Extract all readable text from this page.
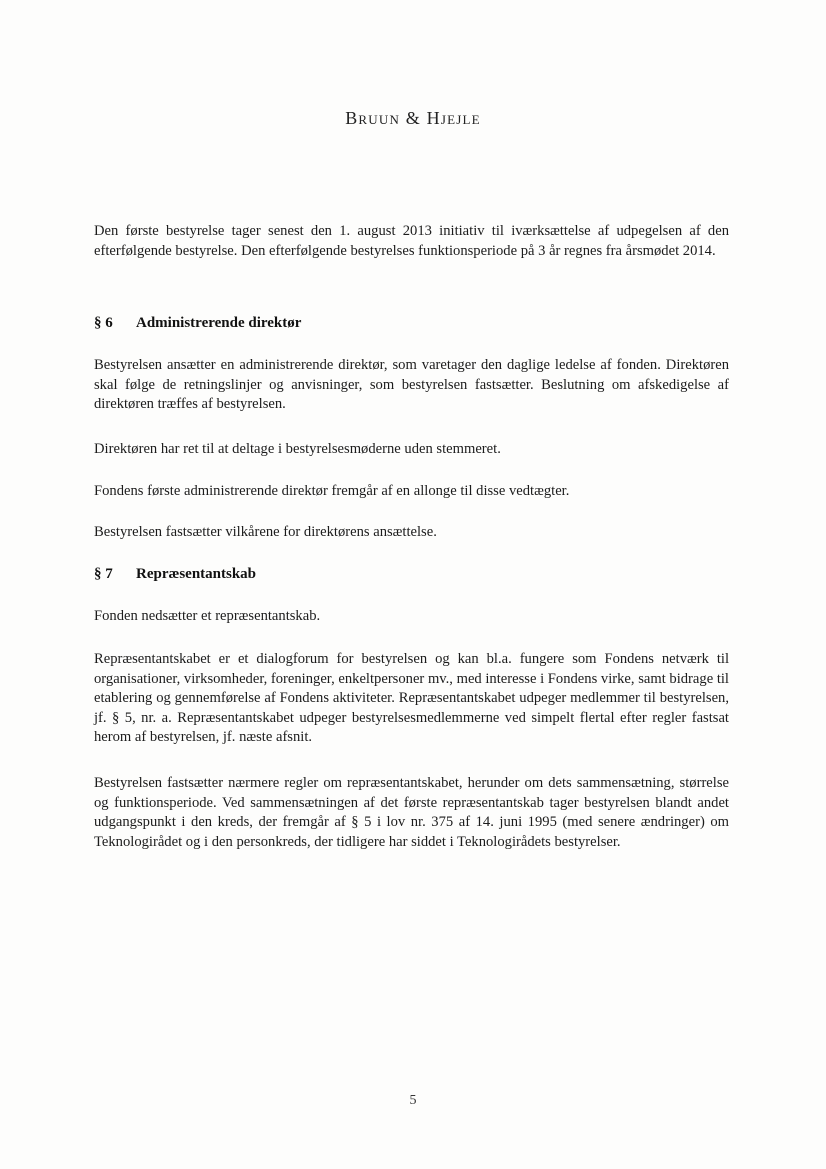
Bruun & Hjejle

Den første bestyrelse tager senest den 1. august 2013 initiativ til iværksættelse af udpegelsen af den efterfølgende bestyrelse. Den efterfølgende bestyrelses funktionsperiode på 3 år regnes fra årsmødet 2014.

§ 6 Administrerende direktør

Bestyrelsen ansætter en administrerende direktør, som varetager den daglige ledelse af fonden. Direktøren skal følge de retningslinjer og anvisninger, som bestyrelsen fastsætter. Beslutning om afskedigelse af direktøren træffes af bestyrelsen.

Direktøren har ret til at deltage i bestyrelsesmøderne uden stemmeret.

Fondens første administrerende direktør fremgår af en allonge til disse vedtægter.

Bestyrelsen fastsætter vilkårene for direktørens ansættelse.

§ 7 Repræsentantskab

Fonden nedsætter et repræsentantskab.

Repræsentantskabet er et dialogforum for bestyrelsen og kan bl.a. fungere som Fondens netværk til organisationer, virksomheder, foreninger, enkeltpersoner mv., med interesse i Fondens virke, samt bidrage til etablering og gennemførelse af Fondens aktiviteter. Repræsentantskabet udpeger medlemmer til bestyrelsen, jf. § 5, nr. a. Repræsentantskabet udpeger bestyrelsesmedlemmerne ved simpelt flertal efter regler fastsat herom af bestyrelsen, jf. næste afsnit.

Bestyrelsen fastsætter nærmere regler om repræsentantskabet, herunder om dets sammensætning, størrelse og funktionsperiode. Ved sammensætningen af det første repræsentantskab tager bestyrelsen blandt andet udgangspunkt i den kreds, der fremgår af § 5 i lov nr. 375 af 14. juni 1995 (med senere ændringer) om Teknologirådet og i den personkreds, der tidligere har siddet i Teknologirådets bestyrelser.

5
